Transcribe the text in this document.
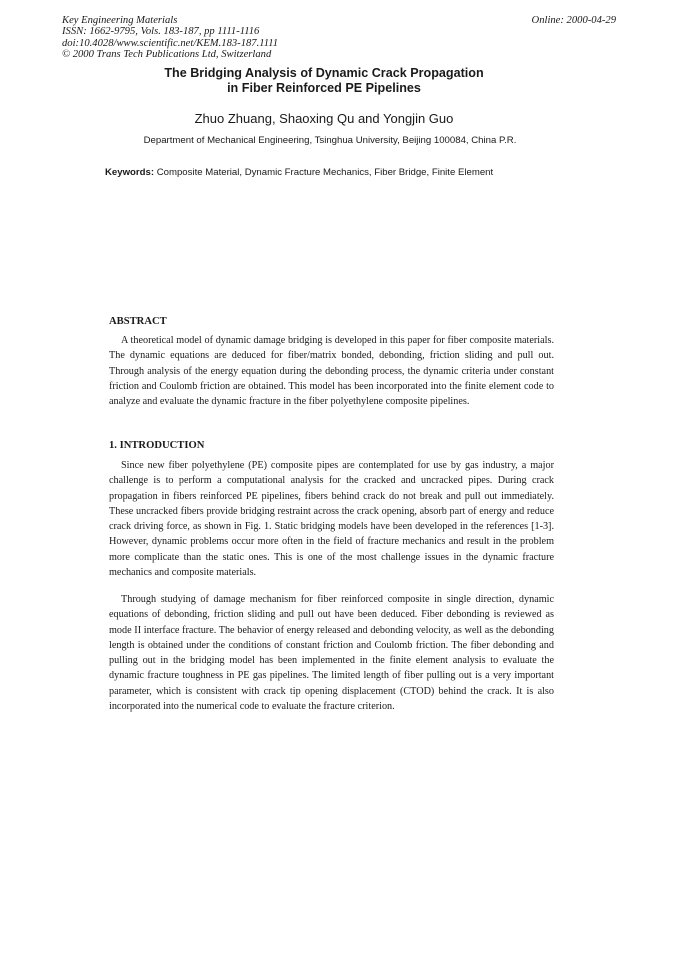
Key Engineering Materials
ISSN: 1662-9795, Vols. 183-187, pp 1111-1116
doi:10.4028/www.scientific.net/KEM.183-187.1111
© 2000 Trans Tech Publications Ltd, Switzerland
Online: 2000-04-29
The Bridging Analysis of Dynamic Crack Propagation
in Fiber Reinforced PE Pipelines
Zhuo Zhuang, Shaoxing Qu and Yongjin Guo
Department of Mechanical Engineering, Tsinghua University, Beijing 100084, China P.R.
Keywords: Composite Material, Dynamic Fracture Mechanics, Fiber Bridge, Finite Element
ABSTRACT
A theoretical model of dynamic damage bridging is developed in this paper for fiber composite materials. The dynamic equations are deduced for fiber/matrix bonded, debonding, friction sliding and pull out. Through analysis of the energy equation during the debonding process, the dynamic criteria under constant friction and Coulomb friction are obtained. This model has been incorporated into the finite element code to analyze and evaluate the dynamic fracture in the fiber polyethylene composite pipelines.
1. INTRODUCTION
Since new fiber polyethylene (PE) composite pipes are contemplated for use by gas industry, a major challenge is to perform a computational analysis for the cracked and uncracked pipes. During crack propagation in fibers reinforced PE pipelines, fibers behind crack do not break and pull out immediately. These uncracked fibers provide bridging restraint across the crack opening, absorb part of energy and reduce crack driving force, as shown in Fig. 1. Static bridging models have been developed in the references [1-3]. However, dynamic problems occur more often in the field of fracture mechanics and result in the problem more complicate than the static ones. This is one of the most challenge issues in the dynamic fracture mechanics and composite materials.
Through studying of damage mechanism for fiber reinforced composite in single direction, dynamic equations of debonding, friction sliding and pull out have been deduced. Fiber debonding is reviewed as mode II interface fracture. The behavior of energy released and debonding velocity, as well as the debonding length is obtained under the conditions of constant friction and Coulomb friction. The fiber debonding and pulling out in the bridging model has been implemented in the finite element analysis to evaluate the dynamic fracture toughness in PE gas pipelines. The limited length of fiber pulling out is a very important parameter, which is consistent with crack tip opening displacement (CTOD) behind the crack. It is also incorporated into the numerical code to evaluate the fracture criterion.
